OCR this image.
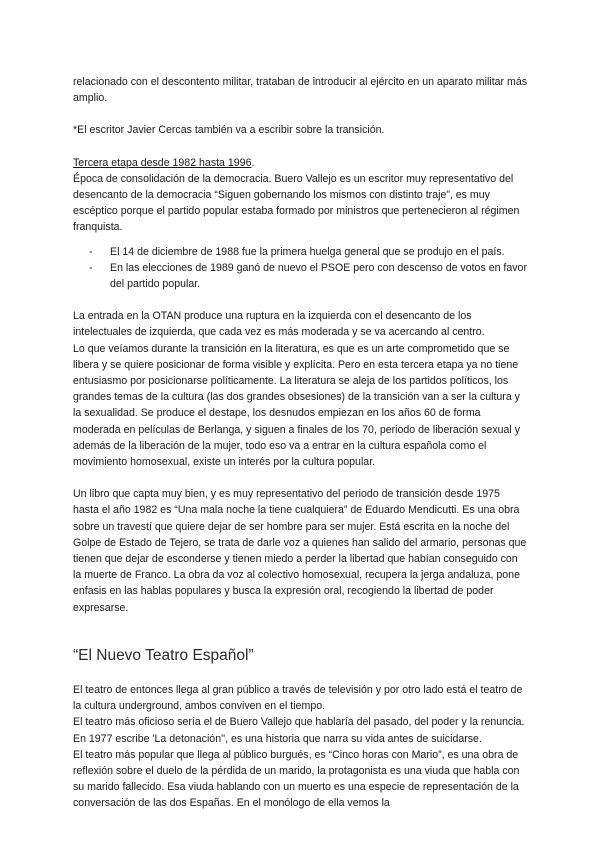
relacionado con el descontento militar, trataban de introducir al ejército en un aparato militar más amplio.

*El escritor Javier Cercas también va a escribir sobre la transición.

Tercera etapa desde 1982 hasta 1996.

Época de consolidación de la democracia. Buero Vallejo es un escritor muy representativo del desencanto de la democracia “Siguen gobernando los mismos con distinto traje”, es muy escéptico porque el partido popular estaba formado por ministros que pertenecieron al régimen franquista.

- El 14 de diciembre de 1988 fue la primera huelga general que se produjo en el país.
- En las elecciones de 1989 ganó de nuevo el PSOE pero con descenso de votos en favor del partido popular.

La entrada en la OTAN produce una ruptura en la izquierda con el desencanto de los intelectuales de izquierda, que cada vez es más moderada y se va acercando al centro.

Lo que veíamos durante la transición en la literatura, es que es un arte comprometido que se libera y se quiere posicionar de forma visible y explícita. Pero en esta tercera etapa ya no tiene entusiasmo por posicionarse políticamente. La literatura se aleja de los partidos políticos, los grandes temas de la cultura (las dos grandes obsesiones) de la transición van a ser la cultura y la sexualidad. Se produce el destape, los desnudos empiezan en los años 60 de forma moderada en películas de Berlanga, y siguen a finales de los 70, periodo de liberación sexual y además de la liberación de la mujer, todo eso va a entrar en la cultura española como el movimiento homosexual, existe un interés por la cultura popular.

Un libro que capta muy bien, y es muy representativo del periodo de transición desde 1975 hasta el año 1982 es “Una mala noche la tiene cualquiera” de Eduardo Mendicutti. Es una obra sobre un travestí que quiere dejar de ser hombre para ser mujer. Está escrita en la noche del Golpe de Estado de Tejero, se trata de darle voz a quienes han salido del armario, personas que tienen que dejar de esconderse y tienen miedo a perder la libertad que habían conseguido con la muerte de Franco. La obra da voz al colectivo homosexual, recupera la jerga andaluza, pone enfasis en las hablas populares y busca la expresión oral, recogiendo la libertad de poder expresarse.

“El Nuevo Teatro Español”

El teatro de entonces llega al gran público a través de televisión y por otro lado está el teatro de la cultura underground, ambos conviven en el tiempo.

El teatro más oficioso sería el de Buero Vallejo que hablaría del pasado, del poder y la renuncia. En 1977 escribe 'La detonación'', es una historia que narra su vida antes de suicidarse.

El teatro más popular que llega al público burgués, es “Cinco horas con Mario”, es una obra de reflexión sobre el duelo de la pérdida de un marido, la protagonista es una viuda que habla con su marido fallecido. Esa viuda hablando con un muerto es una especie de representación de la conversación de las dos Españas. En el monólogo de ella vemos la
